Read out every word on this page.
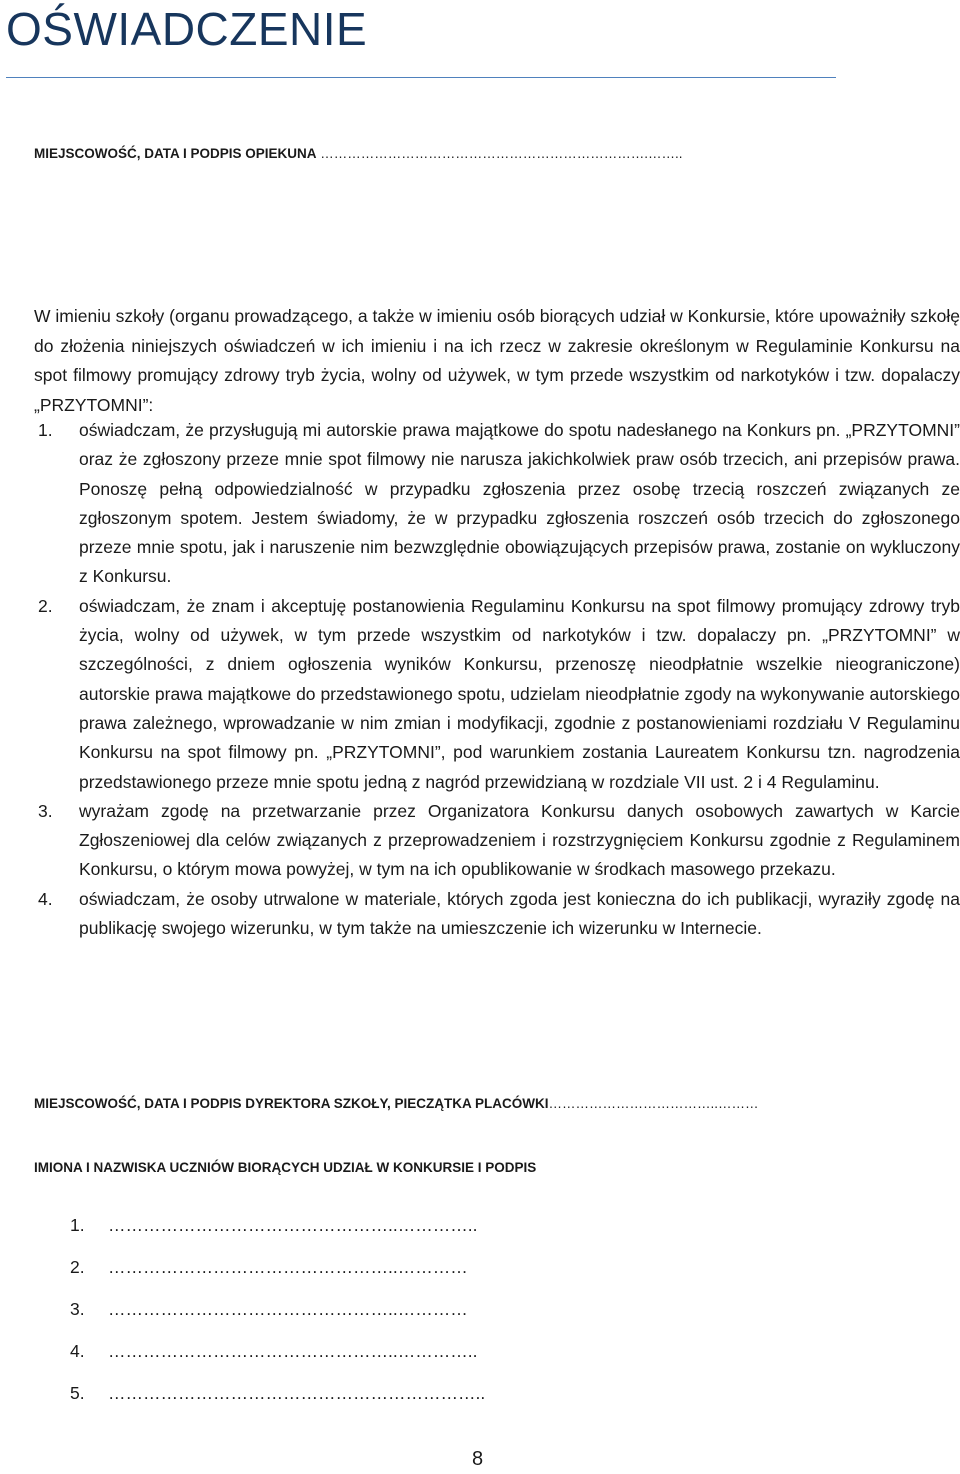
OŚWIADCZENIE
MIEJSCOWOŚĆ, DATA I PODPIS OPIEKUNA ……………………………………………………………….……..

W imieniu szkoły (organu prowadzącego, a także w imieniu osób biorących udział w Konkursie, które upoważniły szkołę do złożenia niniejszych oświadczeń w ich imieniu i na ich rzecz w zakresie określonym w Regulaminie Konkursu na spot filmowy promujący zdrowy tryb życia, wolny od używek, w tym przede wszystkim od narkotyków i tzw. dopalaczy „PRZYTOMNI”:

1. oświadczam, że przysługują mi autorskie prawa majątkowe do spotu nadesłanego na Konkurs pn. „PRZYTOMNI” oraz że zgłoszony przeze mnie spot filmowy nie narusza jakichkolwiek praw osób trzecich, ani przepisów prawa. Ponoszę pełną odpowiedzialność w przypadku zgłoszenia przez osobę trzecią roszczeń związanych ze zgłoszonym spotem. Jestem świadomy, że w przypadku zgłoszenia roszczeń osób trzecich do zgłoszonego przeze mnie spotu, jak i naruszenie nim bezwzględnie obowiązujących przepisów prawa, zostanie on wykluczony z Konkursu.
2. oświadczam, że znam i akceptuję postanowienia Regulaminu Konkursu na spot filmowy promujący zdrowy tryb życia, wolny od używek, w tym przede wszystkim od narkotyków i tzw. dopalaczy pn. „PRZYTOMNI” w szczególności, z dniem ogłoszenia wyników Konkursu, przenoszę nieodpłatnie wszelkie nieograniczone) autorskie prawa majątkowe do przedstawionego spotu, udzielam nieodpłatnie zgody na wykonywanie autorskiego prawa zależnego, wprowadzanie w nim zmian i modyfikacji, zgodnie z postanowieniami rozdziału V Regulaminu Konkursu na spot filmowy pn. „PRZYTOMNI”, pod warunkiem zostania Laureatem Konkursu tzn. nagrodzenia przedstawionego przeze mnie spotu jedną z nagród przewidzianą w rozdziale VII ust. 2 i 4 Regulaminu.
3. wyrażam zgodę na przetwarzanie przez Organizatora Konkursu danych osobowych zawartych w Karcie Zgłoszeniowej dla celów związanych z przeprowadzeniem i rozstrzygnięciem Konkursu zgodnie z Regulaminem Konkursu, o którym mowa powyżej, w tym na ich opublikowanie w środkach masowego przekazu.
4. oświadczam, że osoby utrwalone w materiale, których zgoda jest konieczna do ich publikacji, wyraziły zgodę na publikację swojego wizerunku, w tym także na umieszczenie ich wizerunku w Internecie.
MIEJSCOWOŚĆ, DATA I PODPIS DYREKTORA SZKOŁY, PIECZĄTKA PLACÓWKI………………………………..………
IMIONA I NAZWISKA UCZNIÓW BIORĄCYCH UDZIAŁ W KONKURSIE I PODPIS
1.	…………………………………………..…………..
2.	…………………………………………..…………
3.	…………………………………………..…………
4.	…………………………………………..…………..
5.	………………………………………………………..
8
